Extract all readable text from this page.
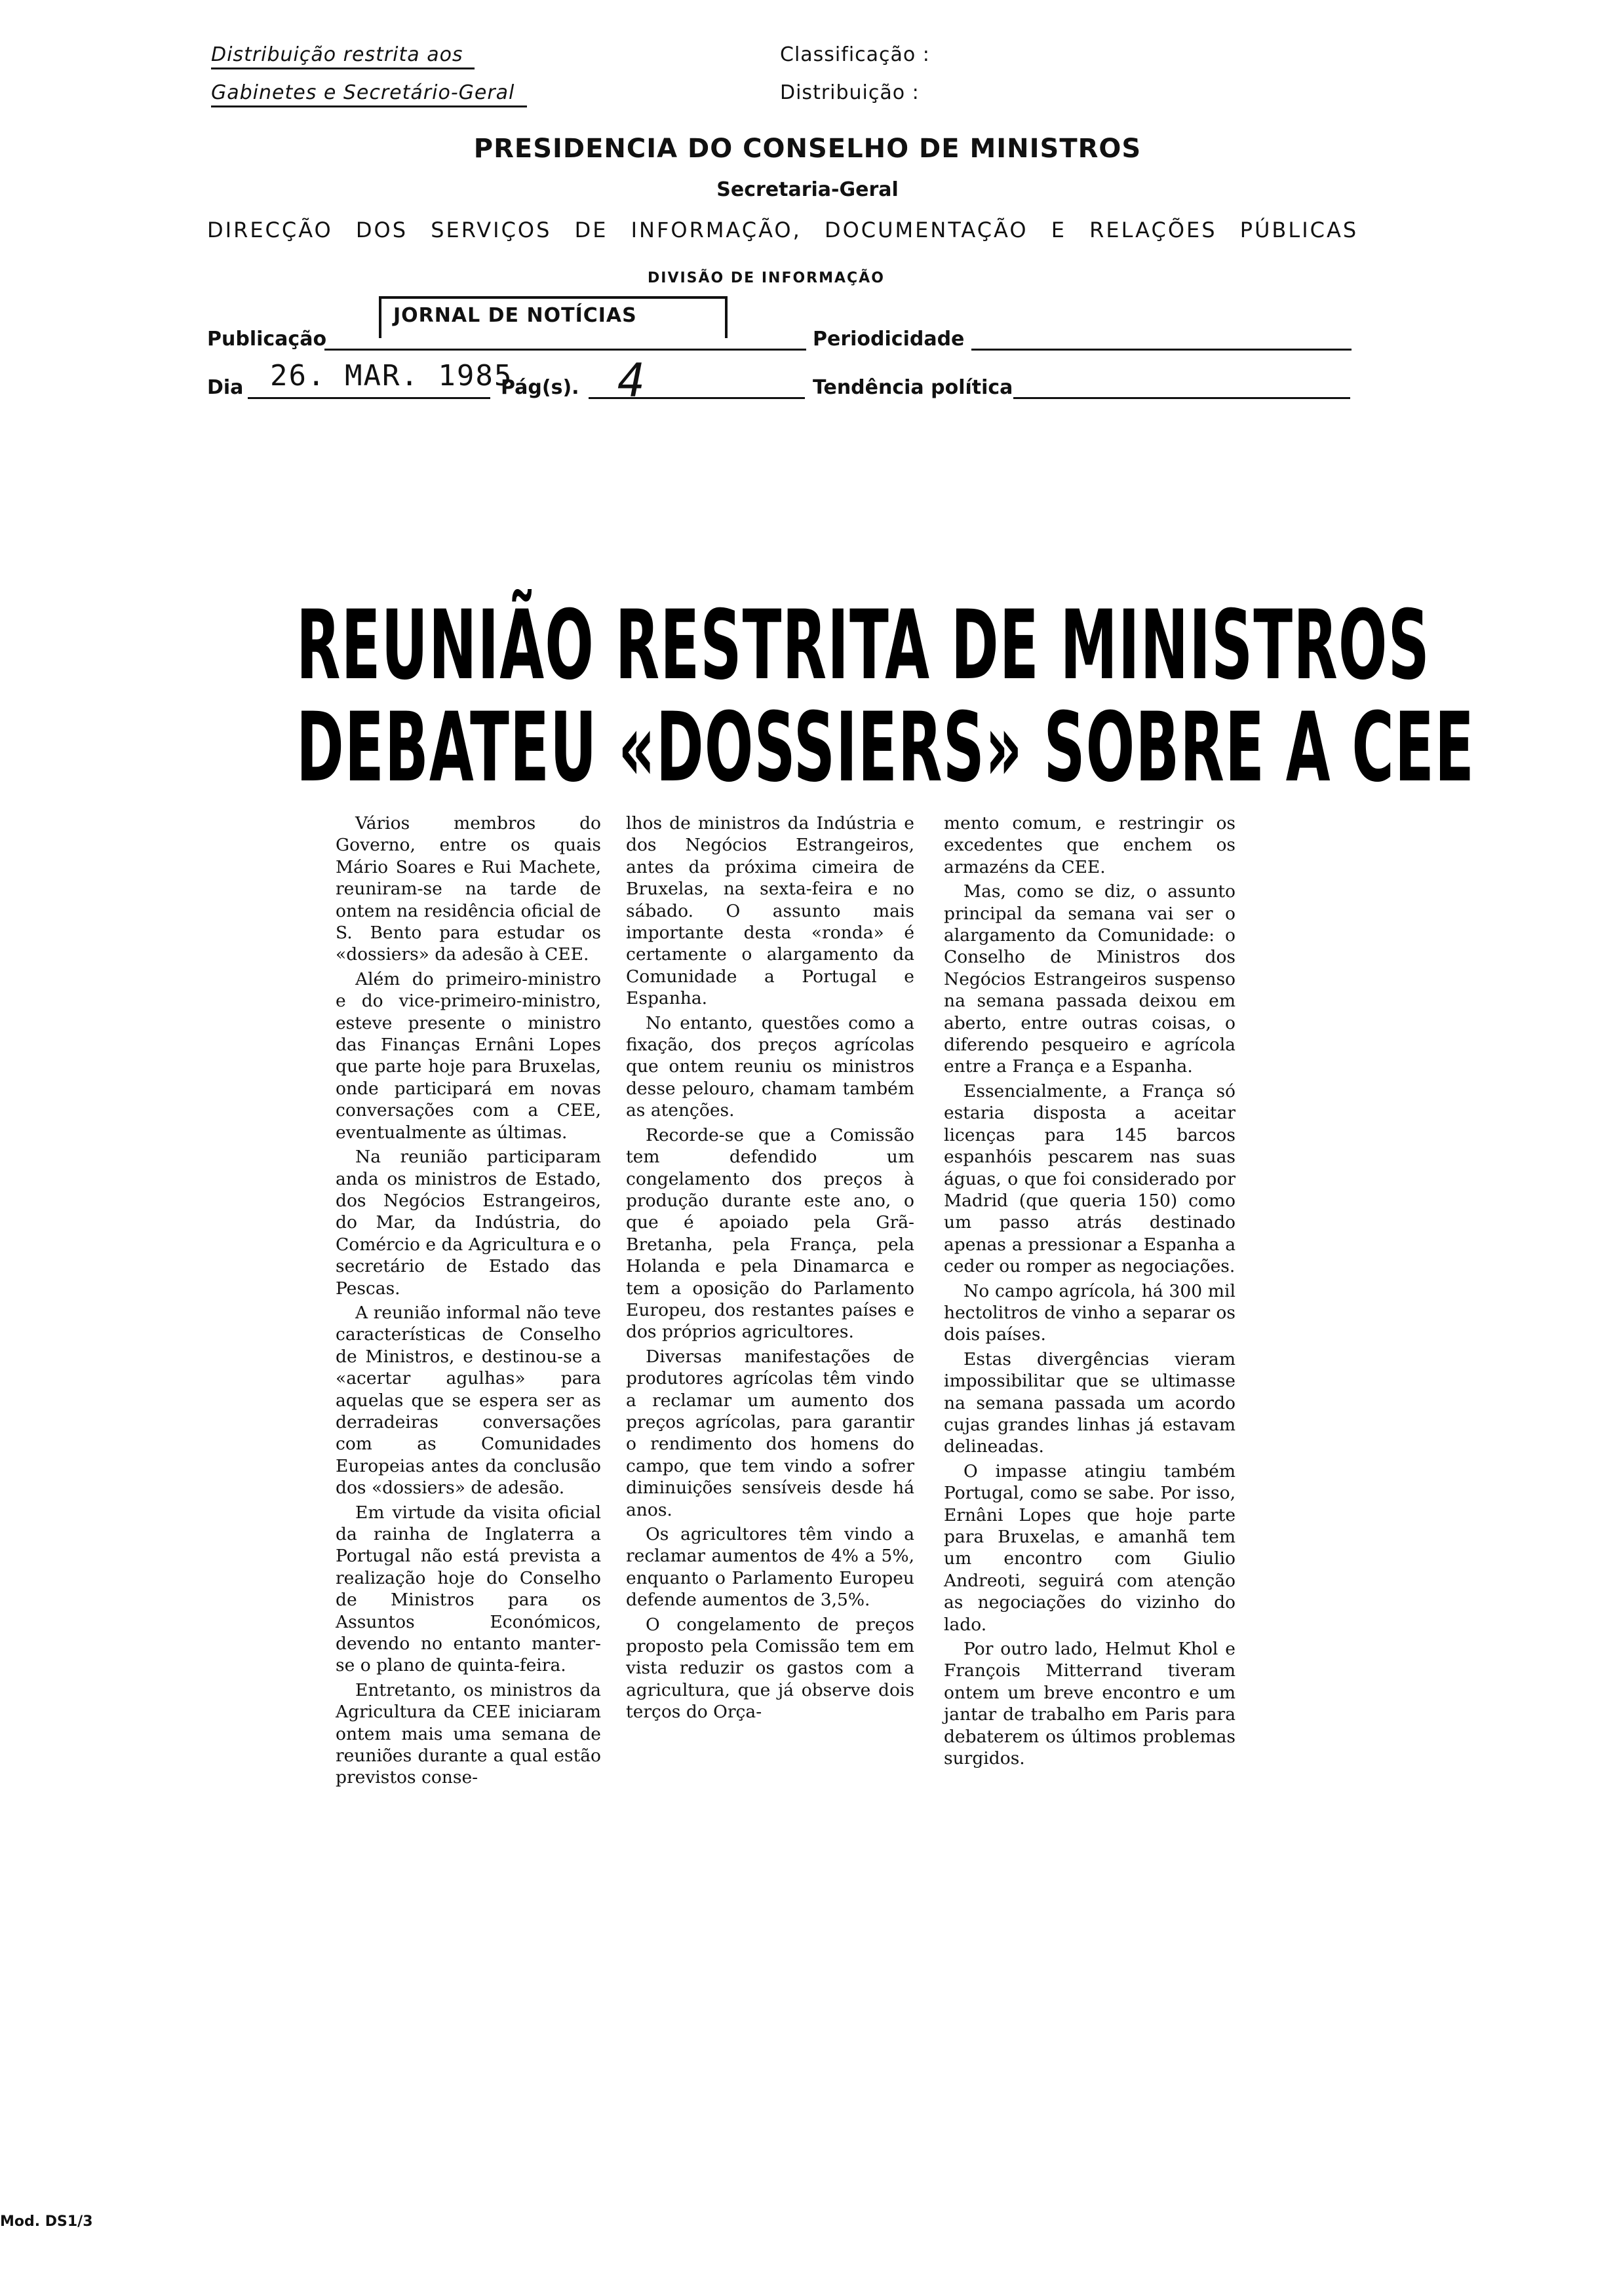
Distribuição restrita aos
Gabinetes e Secretário-Geral
Classificação :
Distribuição :
PRESIDENCIA DO CONSELHO DE MINISTROS
Secretaria-Geral
DIRECÇÃO DOS SERVIÇOS DE INFORMAÇÃO, DOCUMENTAÇÃO E RELAÇÕES PÚBLICAS
DIVISÃO DE INFORMAÇÃO
Publicação
JORNAL DE NOTÍCIAS
Periodicidade
Dia 26. MAR. 1985
Pág(s). 4	Tendência política
REUNIÃO RESTRITA DE MINISTROS
DEBATEU «DOSSIERS» SOBRE A CEE

Vários membros do Governo, entre os quais Mário Soares e Rui Machete, reuniram-se na tarde de ontem na residência oficial de S. Bento para estudar os «dossiers» da adesão à CEE.

Além do primeiro-ministro e do vice-primeiro-ministro, esteve presente o ministro das Finanças Ernâni Lopes que parte hoje para Bruxelas, onde participará em novas conversações com a CEE, eventualmente as últimas.

Na reunião participaram anda os ministros de Estado, dos Negócios Estrangeiros, do Mar, da Indústria, do Comércio e da Agricultura e o secretário de Estado das Pescas.

A reunião informal não teve características de Conselho de Ministros, e destinou-se a «acertar agulhas» para aquelas que se espera ser as derradeiras conversações com as Comunidades Europeias antes da conclusão dos «dossiers» de adesão.

Em virtude da visita oficial da rainha de Inglaterra a Portugal não está prevista a realização hoje do Conselho de Ministros para os Assuntos Económicos, devendo no entanto manter-se o plano de quinta-feira.

Entretanto, os ministros da Agricultura da CEE iniciaram ontem mais uma semana de reuniões durante a qual estão previstos conse-

lhos de ministros da Indústria e dos Negócios Estrangeiros, antes da próxima cimeira de Bruxelas, na sexta-feira e no sábado. O assunto mais importante desta «ronda» é certamente o alargamento da Comunidade a Portugal e Espanha.

No entanto, questões como a fixação, dos preços agrícolas que ontem reuniu os ministros desse pelouro, chamam também as atenções.

Recorde-se que a Comissão tem defendido um congelamento dos preços à produção durante este ano, o que é apoiado pela Grã-Bretanha, pela França, pela Holanda e pela Dinamarca e tem a oposição do Parlamento Europeu, dos restantes países e dos próprios agricultores.

Diversas manifestações de produtores agrícolas têm vindo a reclamar um aumento dos preços agrícolas, para garantir o rendimento dos homens do campo, que tem vindo a sofrer diminuições sensíveis desde há anos.

Os agricultores têm vindo a reclamar aumentos de 4% a 5%, enquanto o Parlamento Europeu defende aumentos de 3,5%.

O congelamento de preços proposto pela Comissão tem em vista reduzir os gastos com a agricultura, que já observe dois terços do Orça-

mento comum, e restringir os excedentes que enchem os armazéns da CEE.

Mas, como se diz, o assunto principal da semana vai ser o alargamento da Comunidade: o Conselho de Ministros dos Negócios Estrangeiros suspenso na semana passada deixou em aberto, entre outras coisas, o diferendo pesqueiro e agrícola entre a França e a Espanha.

Essencialmente, a França só estaria disposta a aceitar licenças para 145 barcos espanhóis pescarem nas suas águas, o que foi considerado por Madrid (que queria 150) como um passo atrás destinado apenas a pressionar a Espanha a ceder ou romper as negociações.

No campo agrícola, há 300 mil hectolitros de vinho a separar os dois países.

Estas divergências vieram impossibilitar que se ultimasse na semana passada um acordo cujas grandes linhas já estavam delineadas.

O impasse atingiu também Portugal, como se sabe. Por isso, Ernâni Lopes que hoje parte para Bruxelas, e amanhã tem um encontro com Giulio Andreoti, seguirá com atenção as negociações do vizinho do lado.

Por outro lado, Helmut Khol e François Mitterrand tiveram ontem um breve encontro e um jantar de trabalho em Paris para debaterem os últimos problemas surgidos.

Mod. DS1/3
